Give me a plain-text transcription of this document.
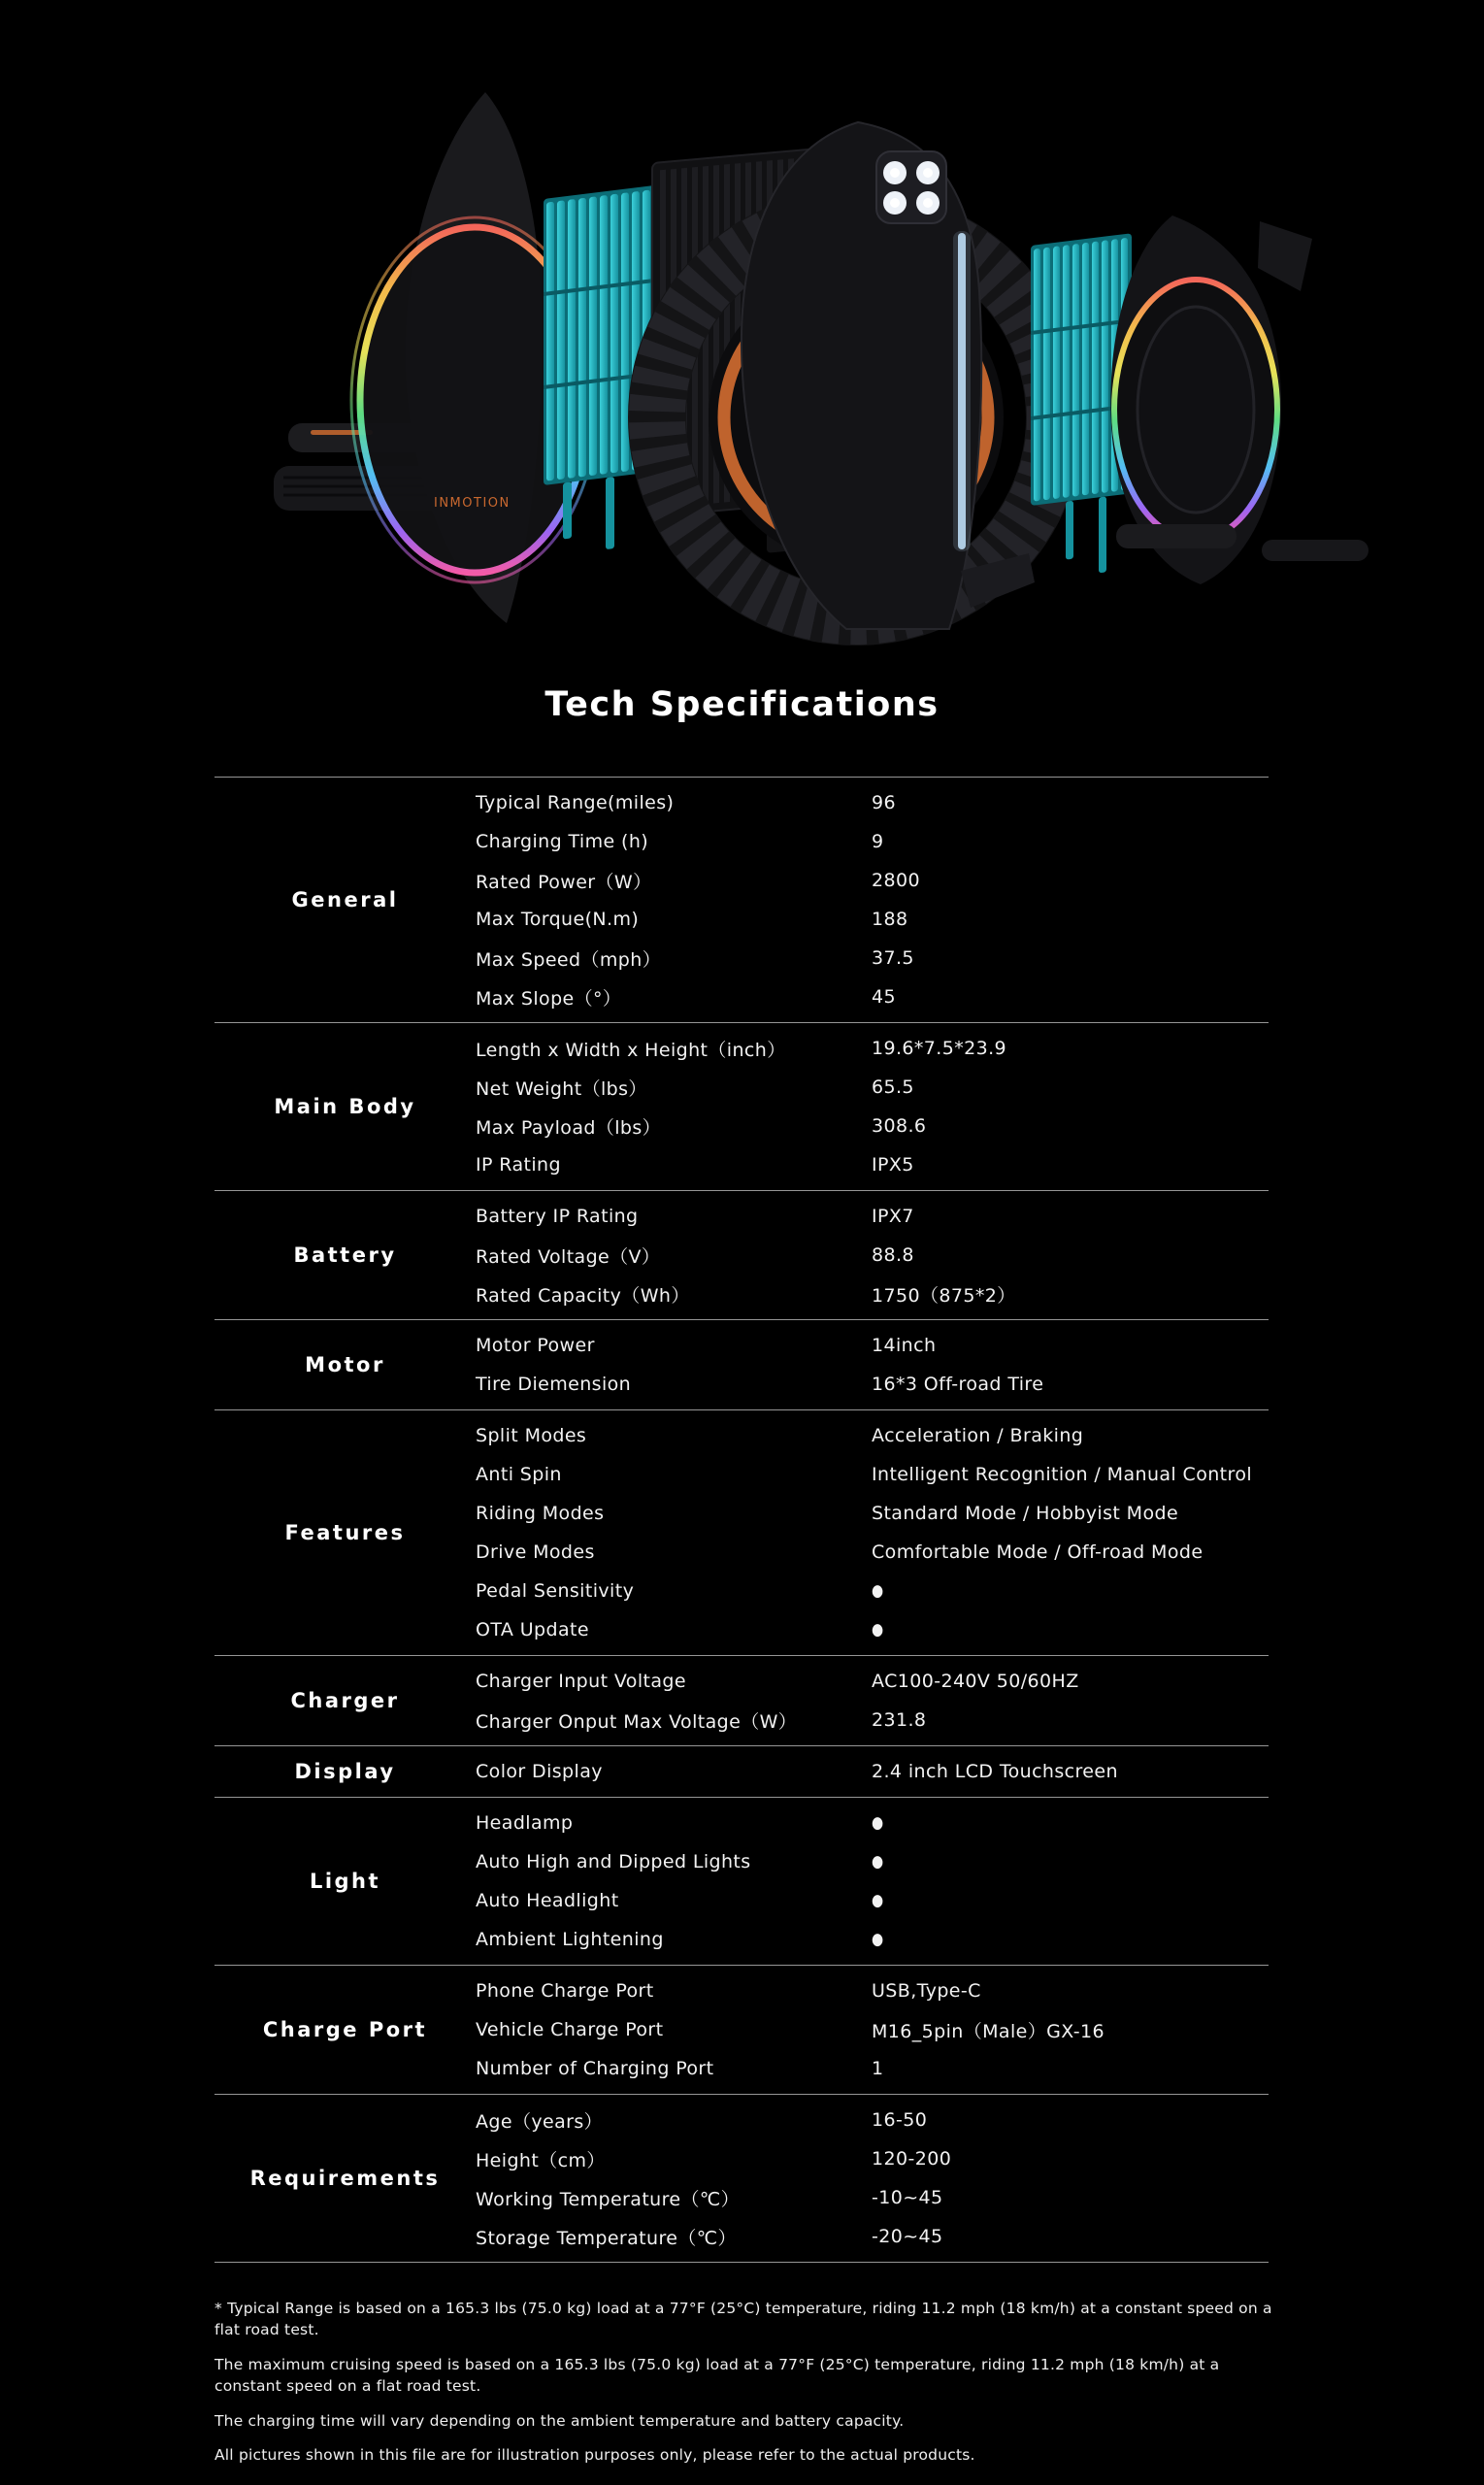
INMOTION
Tech Specifications
General
Typical Range(miles)	96
Charging Time (h)	9
Rated Power（W）	2800
Max Torque(N.m)	188
Max Speed（mph）	37.5
Max Slope（°）	45
Main Body
Length x Width x Height（inch）	19.6*7.5*23.9
Net Weight（lbs）	65.5
Max Payload（lbs）	308.6
IP Rating	IPX5
Battery
Battery IP Rating	IPX7
Rated Voltage（V）	88.8
Rated Capacity（Wh）	1750（875*2）
Motor
Motor Power	14inch
Tire Diemension	16*3 Off-road Tire
Features
Split Modes	Acceleration / Braking
Anti Spin	Intelligent Recognition / Manual Control
Riding Modes	Standard Mode / Hobbyist Mode
Drive Modes	Comfortable Mode / Off-road Mode
Pedal Sensitivity	●
OTA Update	●
Charger
Charger Input Voltage	AC100-240V 50/60HZ
Charger Onput Max Voltage（W）	231.8
Display	Color Display	2.4 inch LCD Touchscreen
Light
Headlamp	●
Auto High and Dipped Lights	●
Auto Headlight	●
Ambient Lightening	●
Charge Port
Phone Charge Port	USB,Type-C
Vehicle Charge Port	M16_5pin（Male）GX-16
Number of Charging Port	1
Requirements
Age（years）	16-50
Height（cm）	120-200
Working Temperature（℃）	-10~45
Storage Temperature（℃）	-20~45

* Typical Range is based on a 165.3 lbs (75.0 kg) load at a 77°F (25°C) temperature, riding 11.2 mph (18 km/h) at a constant speed on a flat road test.

The maximum cruising speed is based on a 165.3 lbs (75.0 kg) load at a 77°F (25°C) temperature, riding 11.2 mph (18 km/h) at a constant speed on a flat road test.

The charging time will vary depending on the ambient temperature and battery capacity.

All pictures shown in this file are for illustration purposes only, please refer to the actual products.
